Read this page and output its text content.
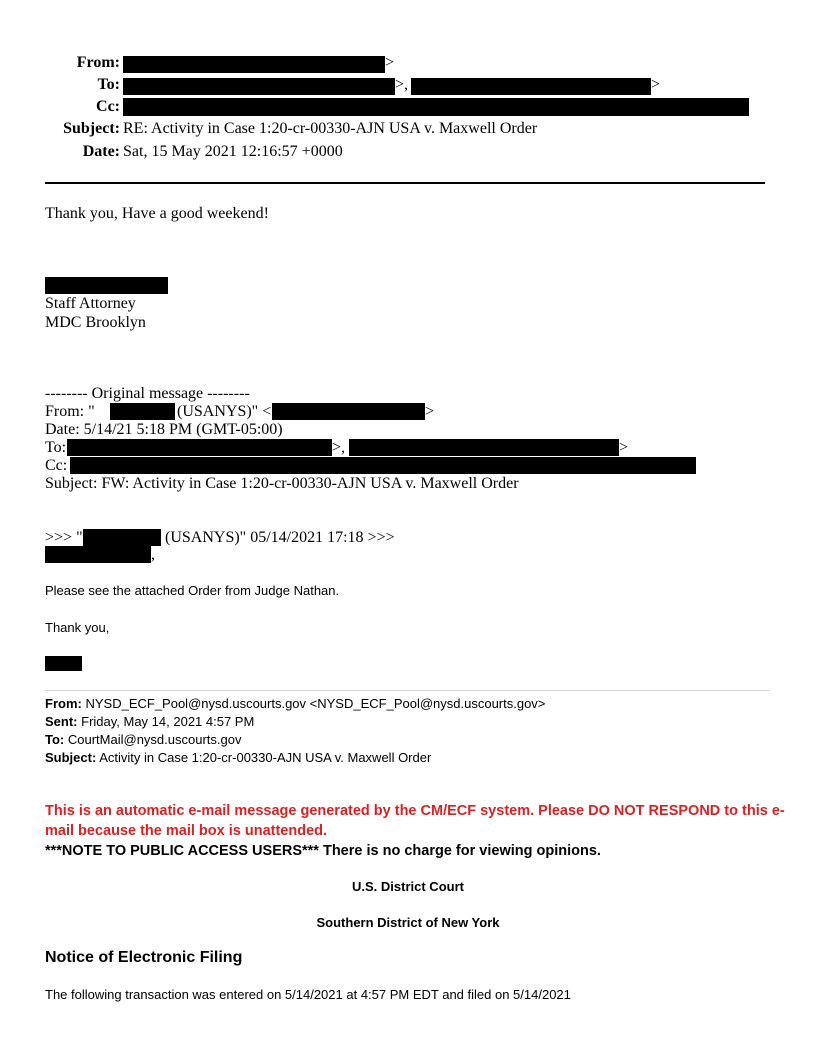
From:	>
To:	>,	>
Cc:
Subject: RE: Activity in Case 1:20-cr-00330-AJN USA v. Maxwell Order
Date: Sat, 15 May 2021 12:16:57 +0000
Thank you, Have a good weekend!
Staff Attorney
MDC Brooklyn
-------- Original message --------
From: "	(USANYS)" <	>
Date: 5/14/21 5:18 PM (GMT-05:00)
To:	>,	>
Cc:
Subject: FW: Activity in Case 1:20-cr-00330-AJN USA v. Maxwell Order
>>> "	(USANYS)" 05/14/2021 17:18 >>>
,
Please see the attached Order from Judge Nathan.
Thank you,
From: NYSD_ECF_Pool@nysd.uscourts.gov <NYSD_ECF_Pool@nysd.uscourts.gov>
Sent: Friday, May 14, 2021 4:57 PM
To: CourtMail@nysd.uscourts.gov
Subject: Activity in Case 1:20-cr-00330-AJN USA v. Maxwell Order
This is an automatic e-mail message generated by the CM/ECF system. Please DO NOT RESPOND to this e-
mail because the mail box is unattended.
***NOTE TO PUBLIC ACCESS USERS*** There is no charge for viewing opinions.
U.S. District Court
Southern District of New York
Notice of Electronic Filing
The following transaction was entered on 5/14/2021 at 4:57 PM EDT and filed on 5/14/2021
